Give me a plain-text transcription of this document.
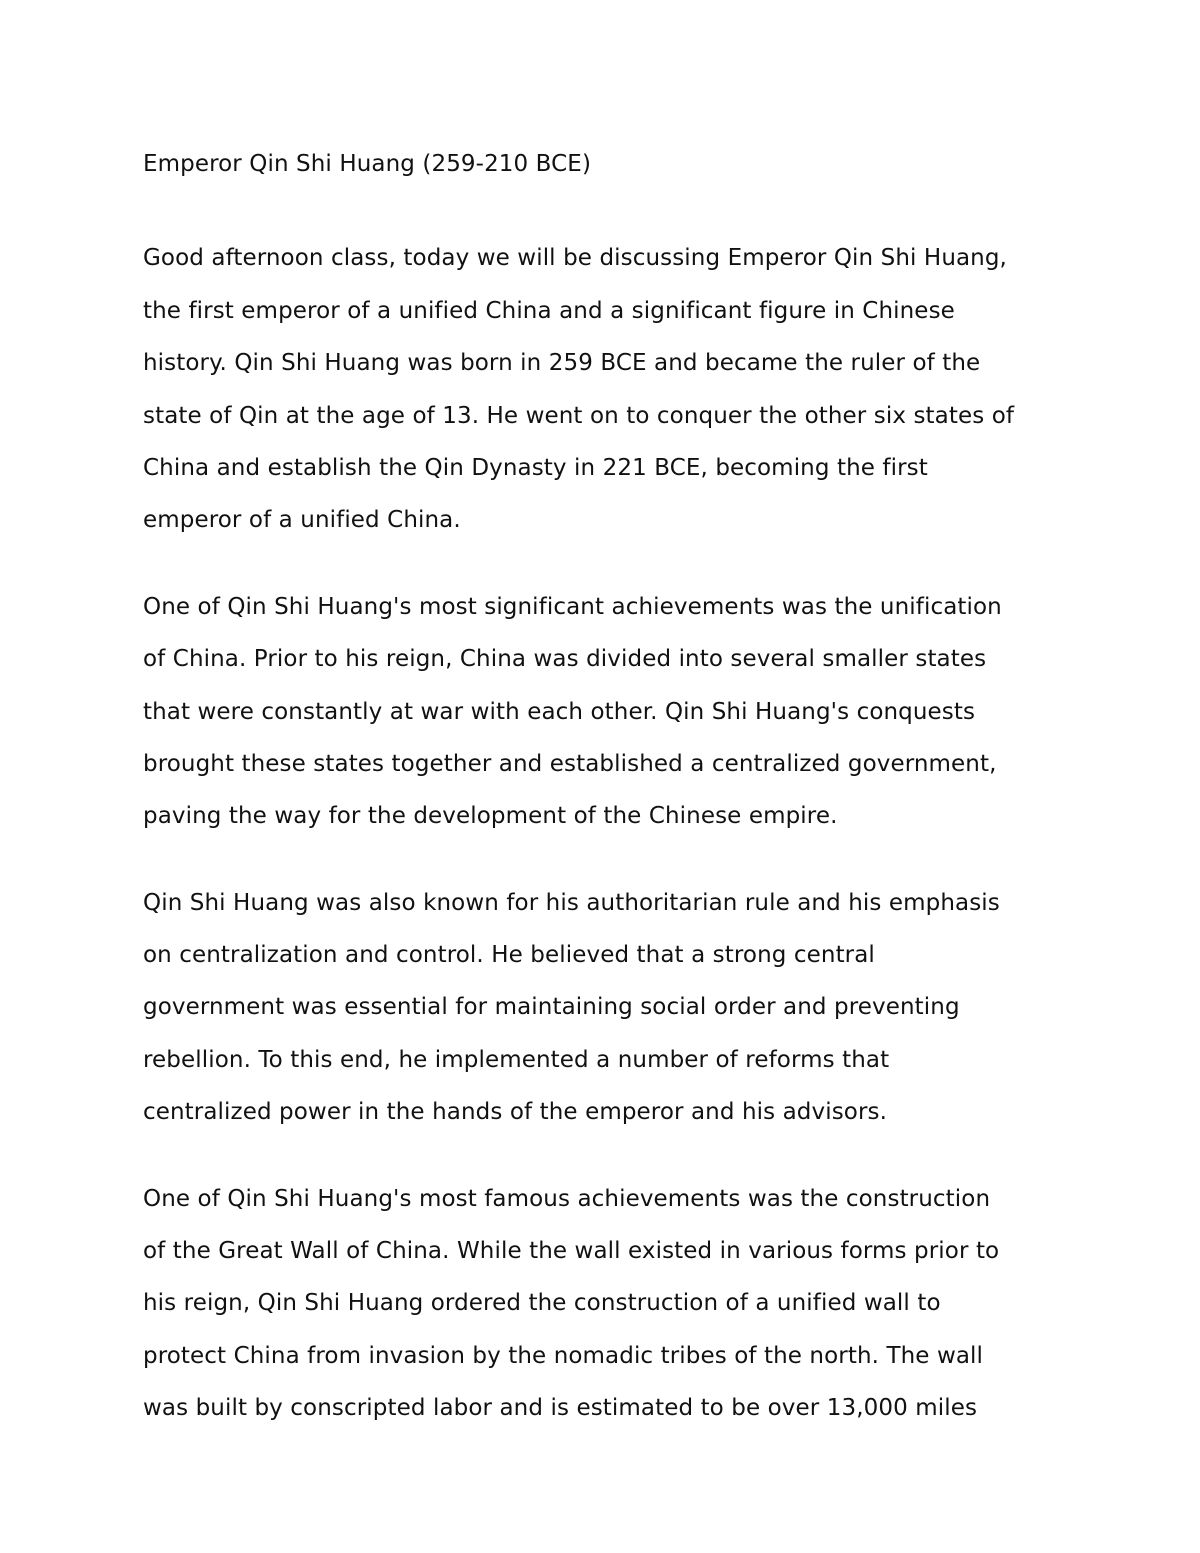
Emperor Qin Shi Huang (259-210 BCE)
Good afternoon class, today we will be discussing Emperor Qin Shi Huang,
the first emperor of a unified China and a significant figure in Chinese
history. Qin Shi Huang was born in 259 BCE and became the ruler of the
state of Qin at the age of 13. He went on to conquer the other six states of
China and establish the Qin Dynasty in 221 BCE, becoming the first
emperor of a unified China.
One of Qin Shi Huang's most significant achievements was the unification
of China. Prior to his reign, China was divided into several smaller states
that were constantly at war with each other. Qin Shi Huang's conquests
brought these states together and established a centralized government,
paving the way for the development of the Chinese empire.
Qin Shi Huang was also known for his authoritarian rule and his emphasis
on centralization and control. He believed that a strong central
government was essential for maintaining social order and preventing
rebellion. To this end, he implemented a number of reforms that
centralized power in the hands of the emperor and his advisors.
One of Qin Shi Huang's most famous achievements was the construction
of the Great Wall of China. While the wall existed in various forms prior to
his reign, Qin Shi Huang ordered the construction of a unified wall to
protect China from invasion by the nomadic tribes of the north. The wall
was built by conscripted labor and is estimated to be over 13,000 miles
